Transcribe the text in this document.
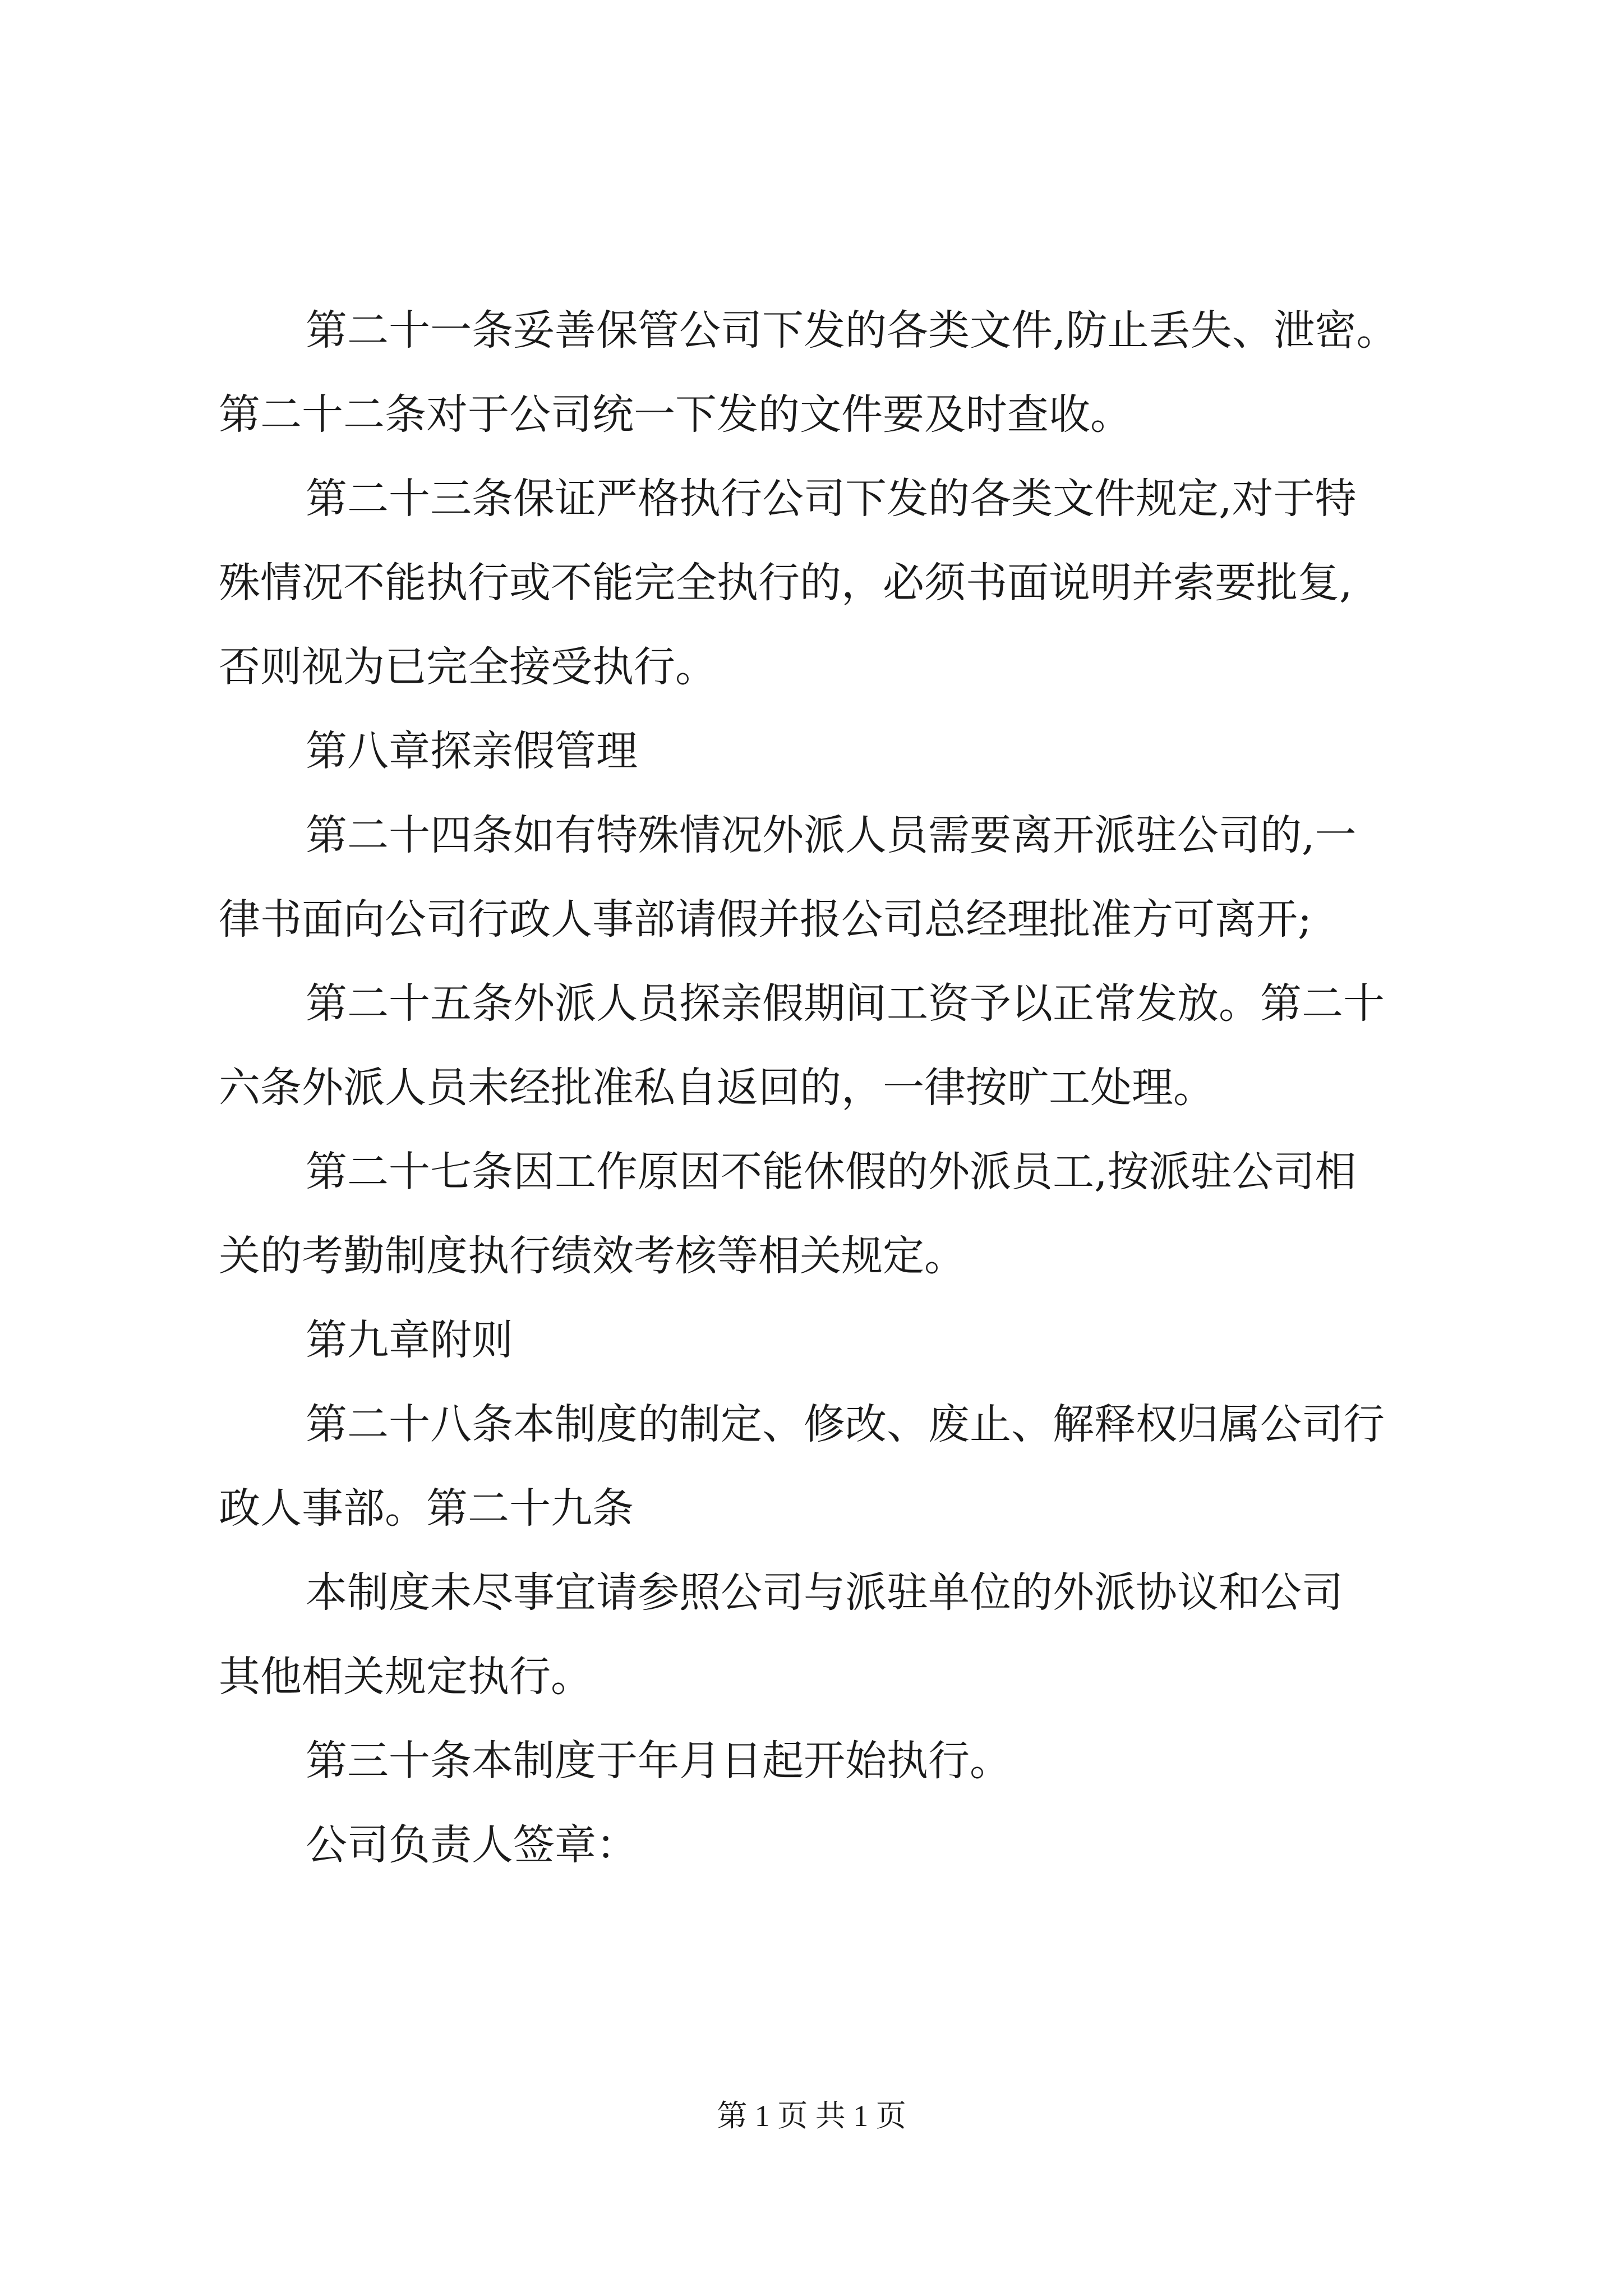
第二十一条妥善保管公司下发的各类文件,防止丢失、泄密。
第二十二条对于公司统一下发的文件要及时查收。
第二十三条保证严格执行公司下发的各类文件规定,对于特
殊情况不能执行或不能完全执行的，必须书面说明并索要批复,
否则视为已完全接受执行。
第八章探亲假管理
第二十四条如有特殊情况外派人员需要离开派驻公司的,一
律书面向公司行政人事部请假并报公司总经理批准方可离开;
第二十五条外派人员探亲假期间工资予以正常发放。第二十
六条外派人员未经批准私自返回的，一律按旷工处理。
第二十七条因工作原因不能休假的外派员工,按派驻公司相
关的考勤制度执行绩效考核等相关规定。
第九章附则
第二十八条本制度的制定、修改、废止、解释权归属公司行
政人事部。第二十九条
本制度未尽事宜请参照公司与派驻单位的外派协议和公司
其他相关规定执行。
第三十条本制度于年月日起开始执行。
公司负责人签章：
第 1 页 共 1 页
